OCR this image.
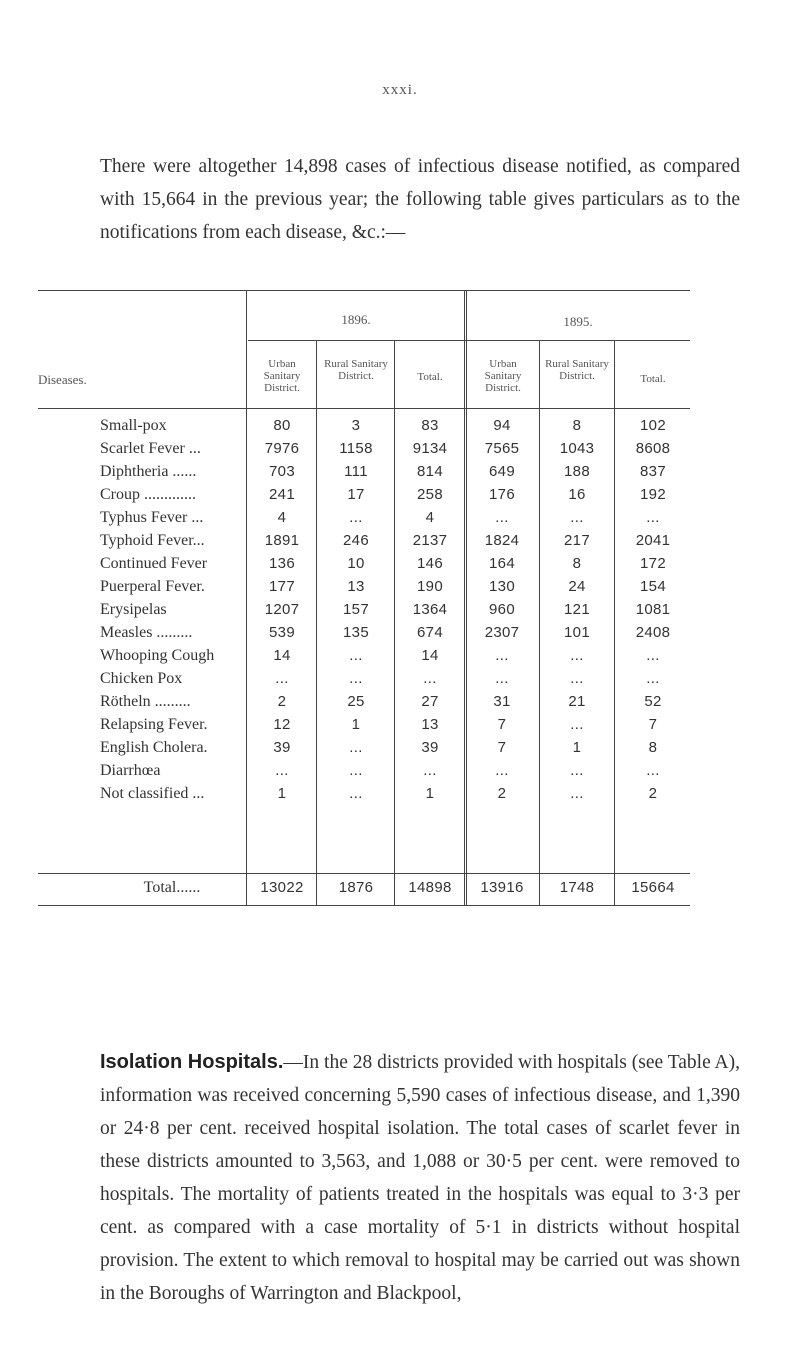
xxxi.
There were altogether 14,898 cases of infectious disease notified, as compared with 15,664 in the previous year; the following table gives particulars as to the notifications from each disease, &c.:—
Diseases.
1896.	1895.
Urban Sanitary District.
Rural Sanitary District.	Total.
Urban Sanitary District.
Rural Sanitary District.	Total.
Small-pox	80	3	83	94	8	102
Scarlet Fever ...	7976	1158	9134	7565	1043	8608
Diphtheria ......	703	111	814	649	188	837
Croup .............	241	17	258	176	16	192
Typhus Fever ...	4	...	4	...	...	...
Typhoid Fever...	1891	246	2137	1824	217	2041
Continued Fever	136	10	146	164	8	172
Puerperal Fever.	177	13	190	130	24	154
Erysipelas	1207	157	1364	960	121	1081
Measles .........	539	135	674	2307	101	2408
Whooping Cough	14	...	14	...	...	...
Chicken Pox	...	...	...	...	...	...
Rötheln .........	2	25	27	31	21	52
Relapsing Fever.	12	1	13	7	...	7
English Cholera.	39	...	39	7	1	8
Diarrhœa	...	...	...	...	...	...
Not classified ...	1	...	1	2	...	2
Total......	13022	1876	14898	13916	1748	15664
Isolation Hospitals.—In the 28 districts provided with hospitals (see Table A), information was received concerning 5,590 cases of infectious disease, and 1,390 or 24·8 per cent. received hospital isolation. The total cases of scarlet fever in these districts amounted to 3,563, and 1,088 or 30·5 per cent. were removed to hospitals. The mortality of patients treated in the hospitals was equal to 3·3 per cent. as compared with a case mortality of 5·1 in districts without hospital provision. The extent to which removal to hospital may be carried out was shown in the Boroughs of Warrington and Blackpool,
